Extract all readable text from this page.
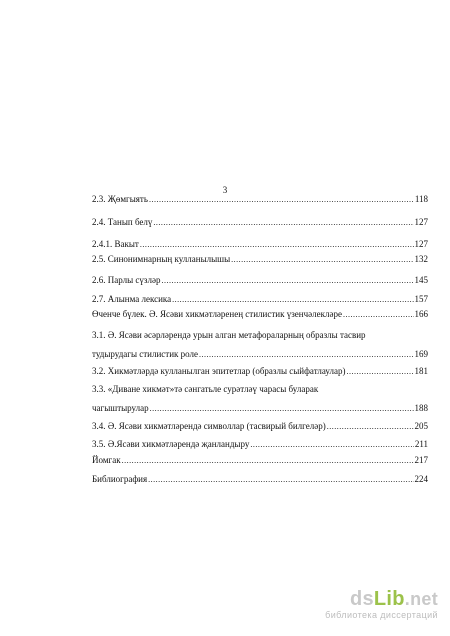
3
2.3. Җөмгыять .....	118
2.4. Танып белү .....	127
2.4.1. Вакыт .....	127
2.5. Синонимнарның кулланылышы .....	132
2.6. Парлы сүзләр .....	145
2.7. Алынма лексика .....	157
Өченче бүлек. Ә. Ясәви хикмәтләренең стилистик үзенчәлекләре .....	166
3.1. Ә. Ясәви әсәрләрендә урын алган метафораларның образлы тасвир
тудырудагы стилистик роле .....	169
3.2. Хикмәтләрдә кулланылган эпитетлар (образлы сыйфатлаулар) .....	181
3.3. «Диване хикмәт»тә сәнгатьле сурәтләү чарасы буларак
чагыштырулар .....	188
3.4. Ә. Ясәви хикмәтләрендә символлар (тасвирый билгеләр) .....	205
3.5. Ә.Ясәви хикмәтләрендә җанландыру .....	211
Йомгак .....	217
Библиография .....	224
dsLib.net
библиотека диссертаций
